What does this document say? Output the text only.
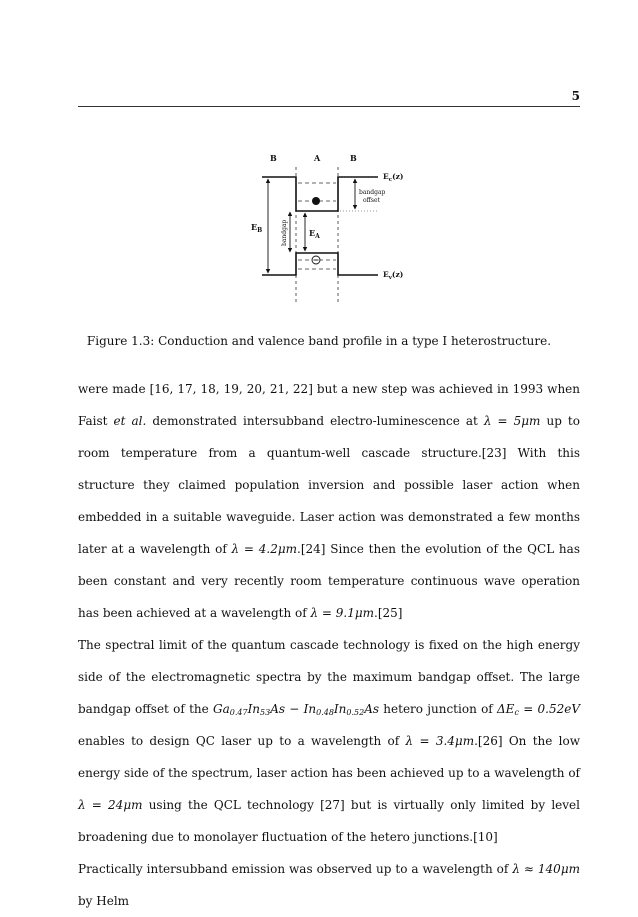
5
B	A	B
$E_c(z)$
$E_v(z)$
bandgap
offset
bandgap
$E_B$	$E_A$
Figure 1.3: Conduction and valence band profile in a type I heterostructure.

were made [16, 17, 18, 19, 20, 21, 22] but a new step was achieved in 1993 when Faist et al. demonstrated intersubband electro-luminescence at λ = 5μm up to room temperature from a quantum-well cascade structure.[23] With this structure they claimed population inversion and possible laser action when embedded in a suitable waveguide. Laser action was demonstrated a few months later at a wavelength of λ = 4.2μm.[24] Since then the evolution of the QCL has been constant and very recently room temperature continuous wave operation has been achieved at a wavelength of λ = 9.1μm.[25]

The spectral limit of the quantum cascade technology is fixed on the high energy side of the electromagnetic spectra by the maximum bandgap offset. The large bandgap offset of the $Ga_{0.47}In_{53}As - In_{0.48}In_{0.52}As$ hetero junction of $\Delta E_c = 0.52eV$ enables to design QC laser up to a wavelength of λ = 3.4μm.[26] On the low energy side of the spectrum, laser action has been achieved up to a wavelength of λ = 24μm using the QCL technology [27] but is virtually only limited by level broadening due to monolayer fluctuation of the hetero junctions.[10]

Practically intersubband emission was observed up to a wavelength of λ ≈ 140μm by Helm
